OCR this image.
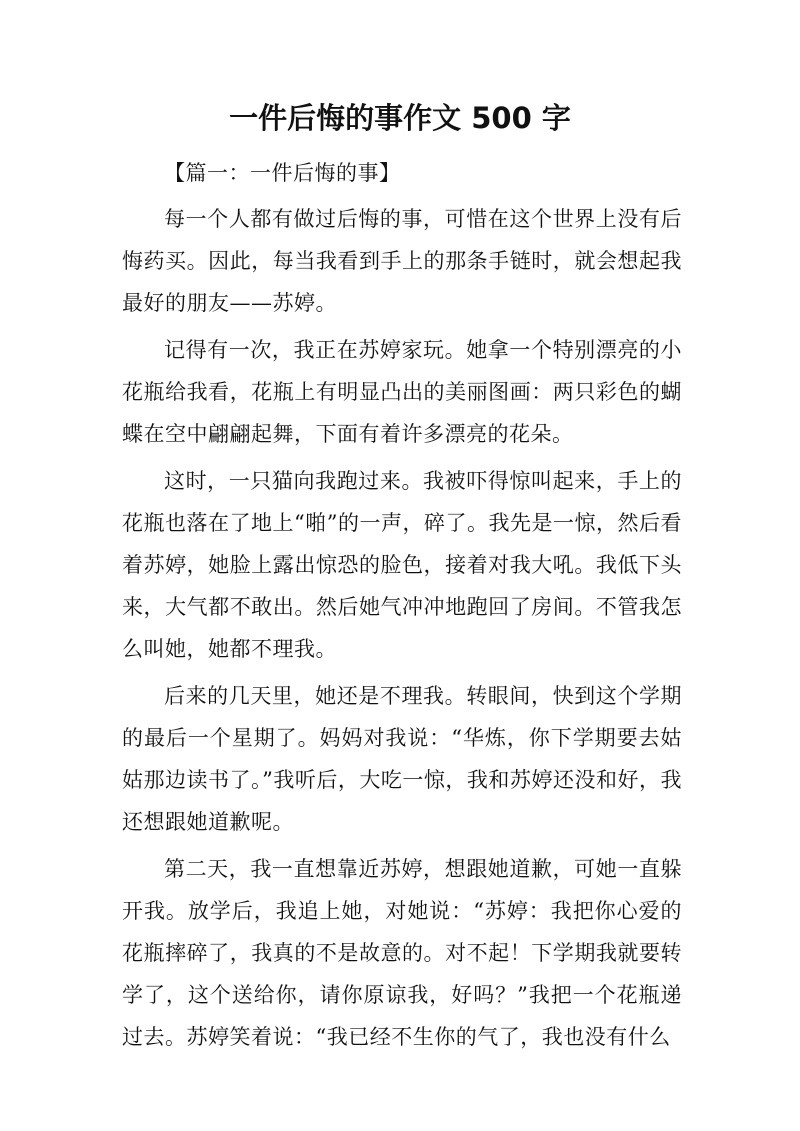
一件后悔的事作文 500 字

【篇一：一件后悔的事】

每一个人都有做过后悔的事，可惜在这个世界上没有后悔药买。因此，每当我看到手上的那条手链时，就会想起我最好的朋友——苏婷。

记得有一次，我正在苏婷家玩。她拿一个特别漂亮的小花瓶给我看，花瓶上有明显凸出的美丽图画：两只彩色的蝴蝶在空中翩翩起舞，下面有着许多漂亮的花朵。

这时，一只猫向我跑过来。我被吓得惊叫起来，手上的花瓶也落在了地上“啪”的一声，碎了。我先是一惊，然后看着苏婷，她脸上露出惊恐的脸色，接着对我大吼。我低下头来，大气都不敢出。然后她气冲冲地跑回了房间。不管我怎么叫她，她都不理我。

后来的几天里，她还是不理我。转眼间，快到这个学期的最后一个星期了。妈妈对我说：“华炼，你下学期要去姑姑那边读书了。”我听后，大吃一惊，我和苏婷还没和好，我还想跟她道歉呢。

第二天，我一直想靠近苏婷，想跟她道歉，可她一直躲开我。放学后，我追上她，对她说：“苏婷：我把你心爱的花瓶摔碎了，我真的不是故意的。对不起！下学期我就要转学了，这个送给你，请你原谅我，好吗？”我把一个花瓶递过去。苏婷笑着说：“我已经不生你的气了，我也没有什么
